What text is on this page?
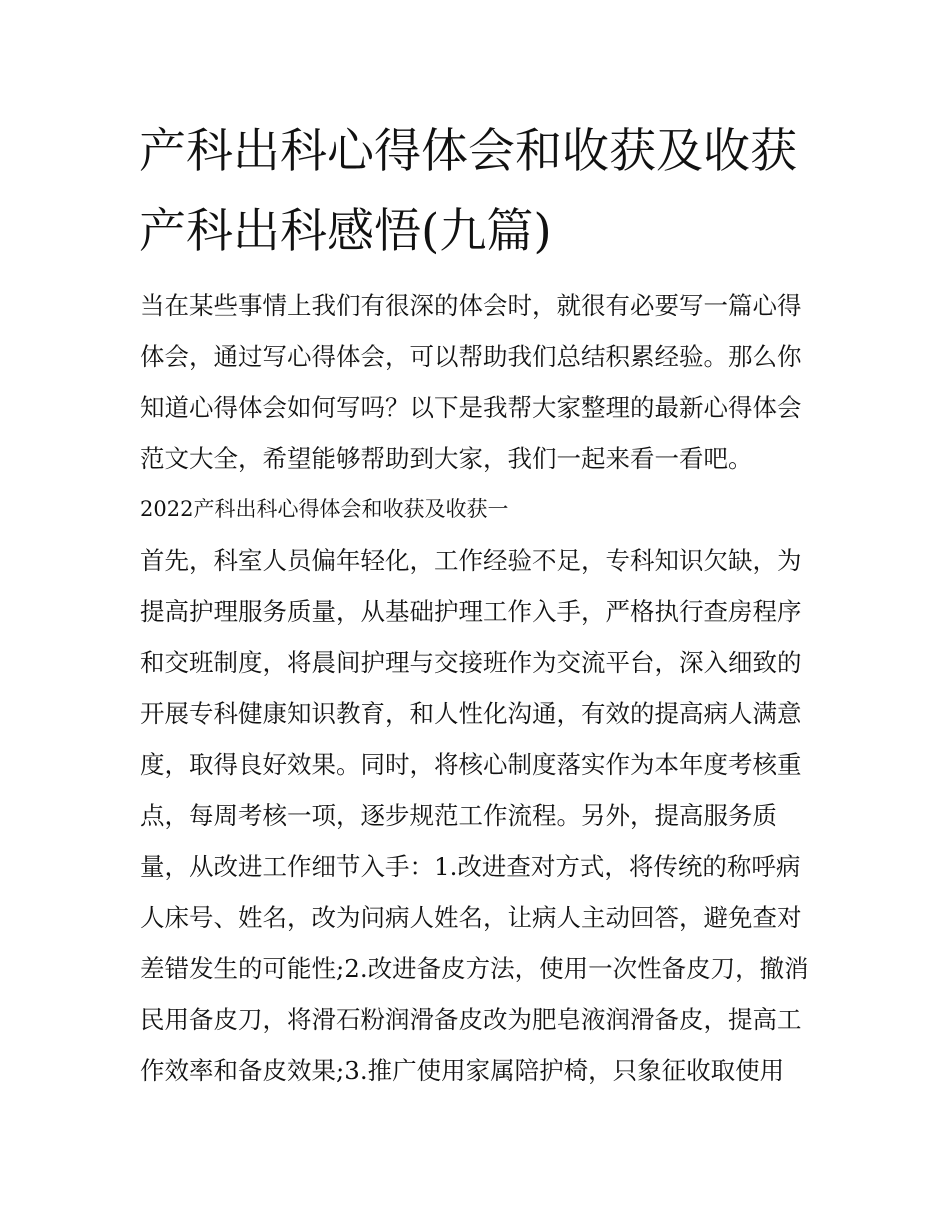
产科出科心得体会和收获及收获 产科出科感悟(九篇)

当在某些事情上我们有很深的体会时，就很有必要写一篇心得体会，通过写心得体会，可以帮助我们总结积累经验。那么你知道心得体会如何写吗？以下是我帮大家整理的最新心得体会范文大全，希望能够帮助到大家，我们一起来看一看吧。

2022产科出科心得体会和收获及收获一

首先，科室人员偏年轻化，工作经验不足，专科知识欠缺，为提高护理服务质量，从基础护理工作入手，严格执行查房程序和交班制度，将晨间护理与交接班作为交流平台，深入细致的开展专科健康知识教育，和人性化沟通，有效的提高病人满意度，取得良好效果。同时，将核心制度落实作为本年度考核重点，每周考核一项，逐步规范工作流程。另外，提高服务质量，从改进工作细节入手：1.改进查对方式，将传统的称呼病人床号、姓名，改为问病人姓名，让病人主动回答，避免查对差错发生的可能性;2.改进备皮方法，使用一次性备皮刀，撤消民用备皮刀，将滑石粉润滑备皮改为肥皂液润滑备皮，提高工作效率和备皮效果;3.推广使用家属陪护椅，只象征收取使用
